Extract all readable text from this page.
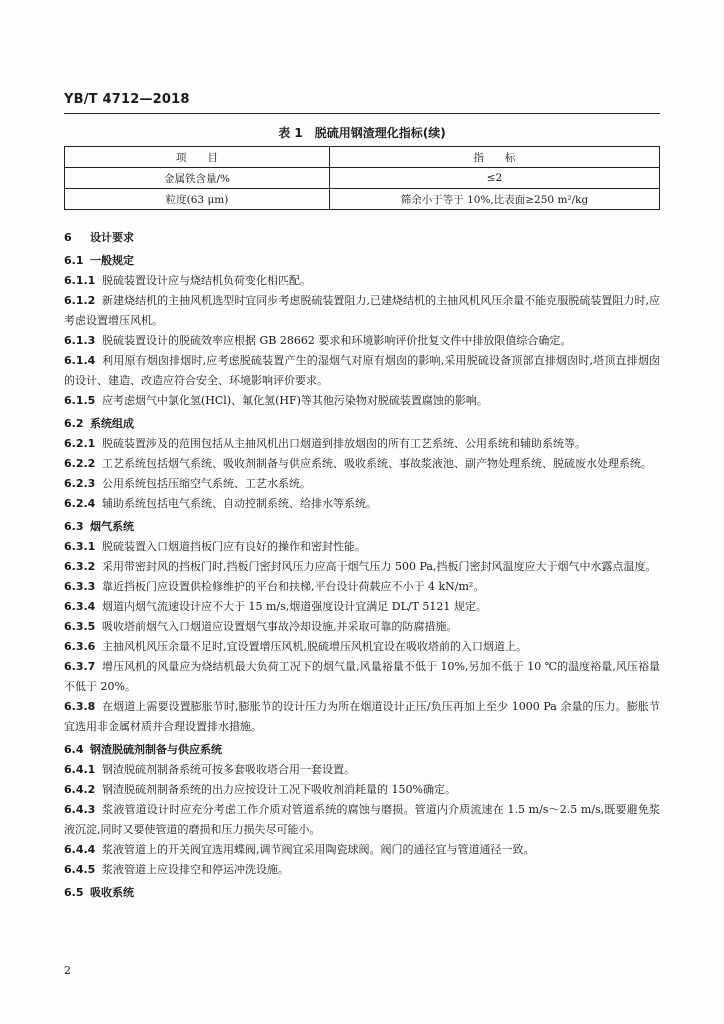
YB/T 4712—2018
表 1　脱硫用钢渣理化指标(续)
项　　目	指　　标
金属铁含量/%	≤2
粒度(63 μm)	筛余小于等于 10%,比表面≥250 m²/kg

6 设计要求

6.1 一般规定

6.1.1 脱硫装置设计应与烧结机负荷变化相匹配。

6.1.2 新建烧结机的主抽风机选型时宜同步考虑脱硫装置阻力,已建烧结机的主抽风机风压余量不能克服脱硫装置阻力时,应考虑设置增压风机。

6.1.3 脱硫装置设计的脱硫效率应根据 GB 28662 要求和环境影响评价批复文件中排放限值综合确定。

6.1.4 利用原有烟囱排烟时,应考虑脱硫装置产生的湿烟气对原有烟囱的影响,采用脱硫设备顶部直排烟囱时,塔顶直排烟囱的设计、建造、改造应符合安全、环境影响评价要求。

6.1.5 应考虑烟气中氯化氢(HCl)、氟化氢(HF)等其他污染物对脱硫装置腐蚀的影响。

6.2 系统组成

6.2.1 脱硫装置涉及的范围包括从主抽风机出口烟道到排放烟囱的所有工艺系统、公用系统和辅助系统等。

6.2.2 工艺系统包括烟气系统、吸收剂制备与供应系统、吸收系统、事故浆液池、副产物处理系统、脱硫废水处理系统。

6.2.3 公用系统包括压缩空气系统、工艺水系统。

6.2.4 辅助系统包括电气系统、自动控制系统、给排水等系统。

6.3 烟气系统

6.3.1 脱硫装置入口烟道挡板门应有良好的操作和密封性能。

6.3.2 采用带密封风的挡板门时,挡板门密封风压力应高于烟气压力 500 Pa,挡板门密封风温度应大于烟气中水露点温度。

6.3.3 靠近挡板门应设置供检修维护的平台和扶梯,平台设计荷载应不小于 4 kN/m²。

6.3.4 烟道内烟气流速设计应不大于 15 m/s,烟道强度设计宜满足 DL/T 5121 规定。

6.3.5 吸收塔前烟气入口烟道应设置烟气事故冷却设施,并采取可靠的防腐措施。

6.3.6 主抽风机风压余量不足时,宜设置增压风机,脱硫增压风机宜设在吸收塔前的入口烟道上。

6.3.7 增压风机的风量应为烧结机最大负荷工况下的烟气量,风量裕量不低于 10%,另加不低于 10 ℃的温度裕量,风压裕量不低于 20%。

6.3.8 在烟道上需要设置膨胀节时,膨胀节的设计压力为所在烟道设计正压/负压再加上至少 1000 Pa 余量的压力。膨胀节宜选用非金属材质并合理设置排水措施。

6.4 钢渣脱硫剂制备与供应系统

6.4.1 钢渣脱硫剂制备系统可按多套吸收塔合用一套设置。

6.4.2 钢渣脱硫剂制备系统的出力应按设计工况下吸收剂消耗量的 150%确定。

6.4.3 浆液管道设计时应充分考虑工作介质对管道系统的腐蚀与磨损。管道内介质流速在 1.5 m/s～2.5 m/s,既要避免浆液沉淀,同时又要使管道的磨损和压力损失尽可能小。

6.4.4 浆液管道上的开关阀宜选用蝶阀,调节阀宜采用陶瓷球阀。阀门的通径宜与管道通径一致。

6.4.5 浆液管道上应设排空和停运冲洗设施。

6.5 吸收系统

2
